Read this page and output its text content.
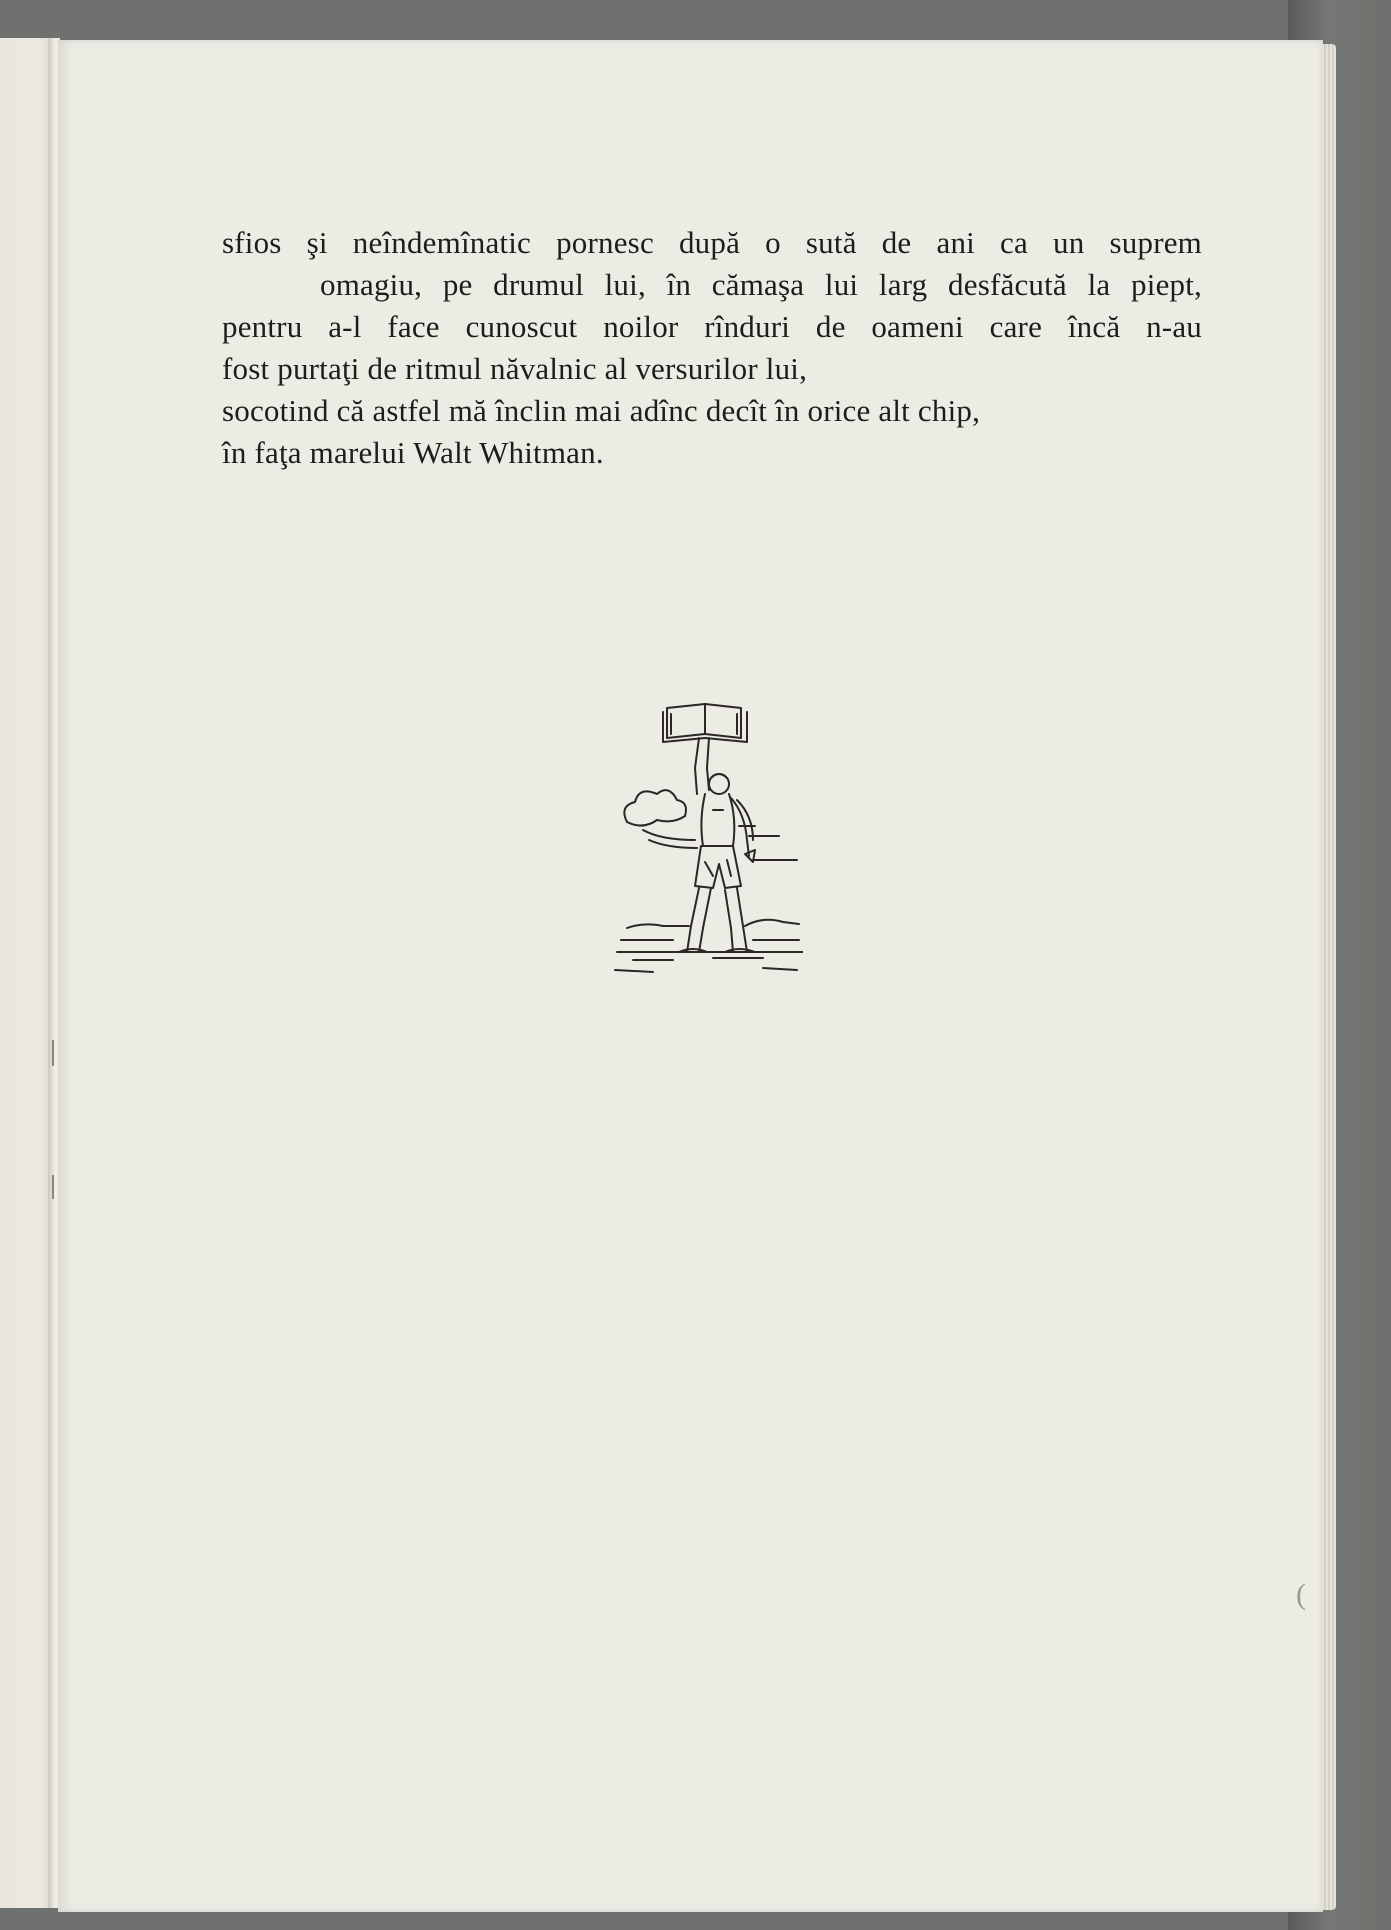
sfios şi neîndemînatic pornesc după o sută de ani ca un suprem
omagiu, pe drumul lui, în cămaşa lui larg desfăcută la piept,
pentru a-l face cunoscut noilor rînduri de oameni care încă n-au
fost purtaţi de ritmul năvalnic al versurilor lui,
socotind că astfel mă înclin mai adînc decît în orice alt chip,
în faţa marelui Walt Whitman.
(
